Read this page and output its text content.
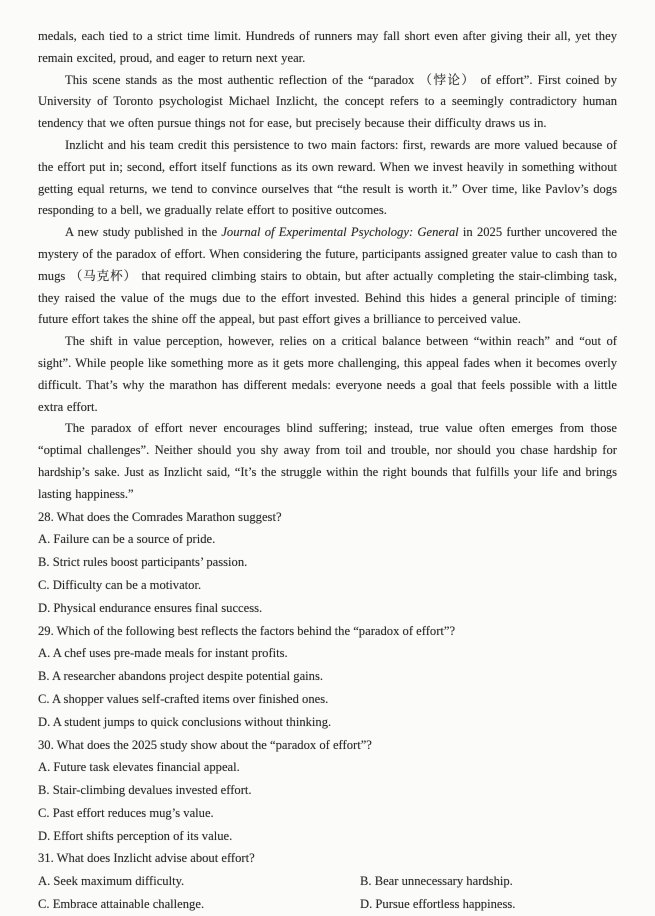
medals, each tied to a strict time limit. Hundreds of runners may fall short even after giving their all, yet they remain excited, proud, and eager to return next year.

This scene stands as the most authentic reflection of the “paradox （悖论） of effort”. First coined by University of Toronto psychologist Michael Inzlicht, the concept refers to a seemingly contradictory human tendency that we often pursue things not for ease, but precisely because their difficulty draws us in.

Inzlicht and his team credit this persistence to two main factors: first, rewards are more valued because of the effort put in; second, effort itself functions as its own reward. When we invest heavily in something without getting equal returns, we tend to convince ourselves that “the result is worth it.” Over time, like Pavlov’s dogs responding to a bell, we gradually relate effort to positive outcomes.

A new study published in the Journal of Experimental Psychology: General in 2025 further uncovered the mystery of the paradox of effort. When considering the future, participants assigned greater value to cash than to mugs （马克杯） that required climbing stairs to obtain, but after actually completing the stair-climbing task, they raised the value of the mugs due to the effort invested. Behind this hides a general principle of timing: future effort takes the shine off the appeal, but past effort gives a brilliance to perceived value.

The shift in value perception, however, relies on a critical balance between “within reach” and “out of sight”. While people like something more as it gets more challenging, this appeal fades when it becomes overly difficult. That’s why the marathon has different medals: everyone needs a goal that feels possible with a little extra effort.

The paradox of effort never encourages blind suffering; instead, true value often emerges from those “optimal challenges”. Neither should you shy away from toil and trouble, nor should you chase hardship for hardship’s sake. Just as Inzlicht said, “It’s the struggle within the right bounds that fulfills your life and brings lasting happiness.”

28. What does the Comrades Marathon suggest?
A. Failure can be a source of pride.
B. Strict rules boost participants’ passion.
C. Difficulty can be a motivator.
D. Physical endurance ensures final success.
29. Which of the following best reflects the factors behind the “paradox of effort”?
A. A chef uses pre-made meals for instant profits.
B. A researcher abandons project despite potential gains.
C. A shopper values self-crafted items over finished ones.
D. A student jumps to quick conclusions without thinking.
30. What does the 2025 study show about the “paradox of effort”?
A. Future task elevates financial appeal.
B. Stair-climbing devalues invested effort.
C. Past effort reduces mug’s value.
D. Effort shifts perception of its value.
31. What does Inzlicht advise about effort?
A. Seek maximum difficulty.	B. Bear unnecessary hardship.
C. Embrace attainable challenge.	D. Pursue effortless happiness.
